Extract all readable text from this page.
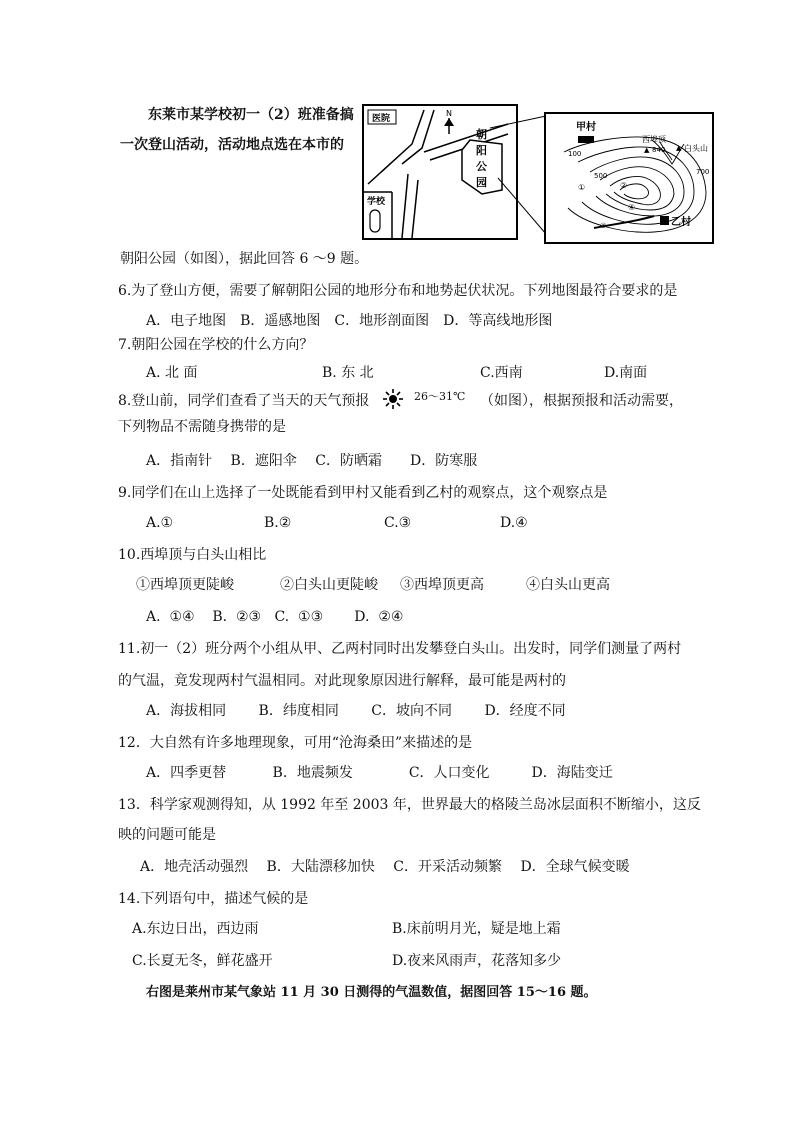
东莱市某学校初一（2）班准备搞
一次登山活动，活动地点选在本市的
朝阳公园（如图），据此回答 6 ～9 题。
医院
N
朝
阳
公
园
学校
甲村
100
西埠顶
▲ 840 ▲ 白头山
500	700
①	②
③
④
乙村
6.为了登山方便，需要了解朝阳公园的地形分布和地势起伏状况。下列地图最符合要求的是
A．电子地图　B．遥感地图　C．地形剖面图　D．等高线地形图
7.朝阳公园在学校的什么方向？
A. 北 面	B. 东 北	C.西南	D.南面
8.登山前，同学们查看了当天的天气预报	26～31℃ （如图），根据预报和活动需要，
下列物品不需随身携带的是
A．指南针　 B．遮阳伞　 C．防晒霜　　D．防寒服
9.同学们在山上选择了一处既能看到甲村又能看到乙村的观察点，这个观察点是
A.①	B.②	C.③	D.④
10.西埠顶与白头山相比
①西埠顶更陡峻	②白头山更陡峻 ③西埠顶更高	④白头山更高
A.  ①④    B.  ②③   C.  ①③       D.  ②④
11.初一（2）班分两个小组从甲、乙两村同时出发攀登白头山。出发时，同学们测量了两村
的气温，竟发现两村气温相同。对此现象原因进行解释，最可能是两村的
A．海拔相同　 　B．纬度相同　　 C．坡向不同　　 D．经度不同
12．大自然有许多地理现象，可用“沧海桑田”来描述的是
A．四季更替　　　 B．地震频发　　　　C．人口变化　　　D．海陆变迁
13．科学家观测得知，从 1992 年至 2003 年，世界最大的格陵兰岛冰层面积不断缩小，这反
映的问题可能是
A．地壳活动强烈　 B．大陆漂移加快　 C．开采活动频繁　 D．全球气候变暖
14.下列语句中，描述气候的是
A.东边日出，西边雨	B.床前明月光，疑是地上霜
C.长夏无冬，鲜花盛开	D.夜来风雨声，花落知多少
右图是莱州市某气象站 11 月 30 日测得的气温数值，据图回答 15～16 题。
